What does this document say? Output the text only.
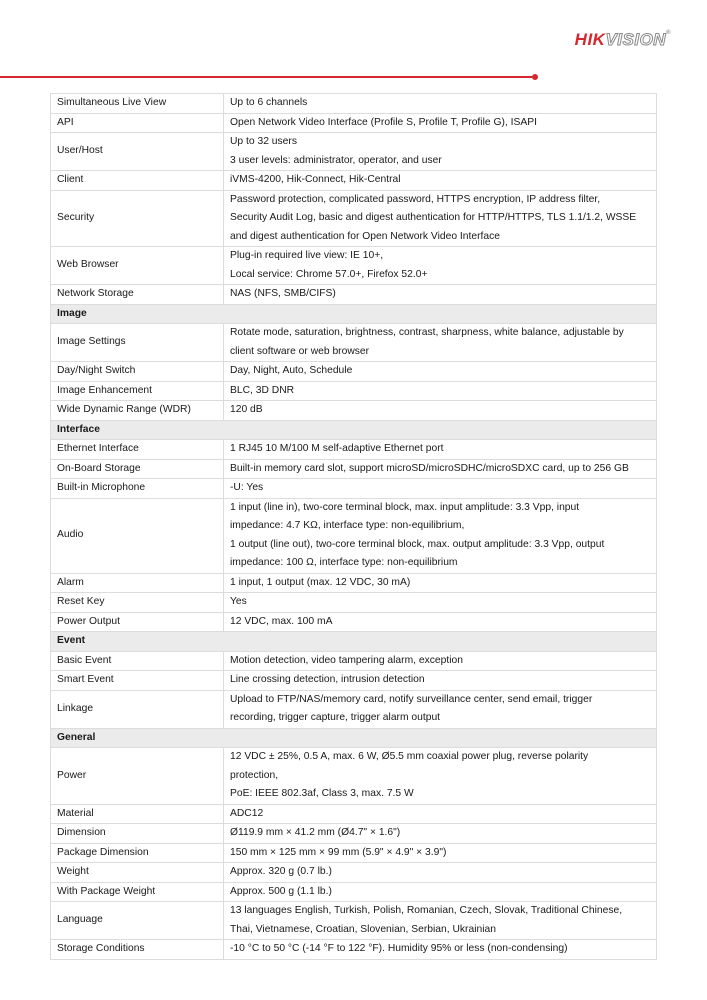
HIKVISION®
Simultaneous Live View	Up to 6 channels

API	Open Network Video Interface (Profile S, Profile T, Profile G), ISAPI

User/Host	Up to 32 users
3 user levels: administrator, operator, and user

Client	iVMS-4200, Hik-Connect, Hik-Central

Security	Password protection, complicated password, HTTPS encryption, IP address filter,
Security Audit Log, basic and digest authentication for HTTP/HTTPS, TLS 1.1/1.2, WSSE
and digest authentication for Open Network Video Interface

Web Browser	Plug-in required live view: IE 10+,
Local service: Chrome 57.0+, Firefox 52.0+

Network Storage	NAS (NFS, SMB/CIFS)

Image	
Image Settings	Rotate mode, saturation, brightness, contrast, sharpness, white balance, adjustable by
client software or web browser

Day/Night Switch	Day, Night, Auto, Schedule

Image Enhancement	BLC, 3D DNR

Wide Dynamic Range (WDR)	120 dB

Interface	
Ethernet Interface	1 RJ45 10 M/100 M self-adaptive Ethernet port

On-Board Storage	Built-in memory card slot, support microSD/microSDHC/microSDXC card, up to 256 GB

Built-in Microphone	-U: Yes

Audio	1 input (line in), two-core terminal block, max. input amplitude: 3.3 Vpp, input
impedance: 4.7 KΩ, interface type: non-equilibrium,
1 output (line out), two-core terminal block, max. output amplitude: 3.3 Vpp, output
impedance: 100 Ω, interface type: non-equilibrium

Alarm	1 input, 1 output (max. 12 VDC, 30 mA)

Reset Key	Yes

Power Output	12 VDC, max. 100 mA

Event	
Basic Event	Motion detection, video tampering alarm, exception

Smart Event	Line crossing detection, intrusion detection

Linkage	Upload to FTP/NAS/memory card, notify surveillance center, send email, trigger
recording, trigger capture, trigger alarm output

General	
Power	12 VDC ± 25%, 0.5 A, max. 6 W, Ø5.5 mm coaxial power plug, reverse polarity
protection,
PoE: IEEE 802.3af, Class 3, max. 7.5 W

Material	ADC12

Dimension	Ø119.9 mm × 41.2 mm (Ø4.7" × 1.6")

Package Dimension	150 mm × 125 mm × 99 mm (5.9" × 4.9" × 3.9")

Weight	Approx. 320 g (0.7 lb.)

With Package Weight	Approx. 500 g (1.1 lb.)

Language	13 languages English, Turkish, Polish, Romanian, Czech, Slovak, Traditional Chinese,
Thai, Vietnamese, Croatian, Slovenian, Serbian, Ukrainian

Storage Conditions	-10 °C to 50 °C (-14 °F to 122 °F). Humidity 95% or less (non-condensing)
